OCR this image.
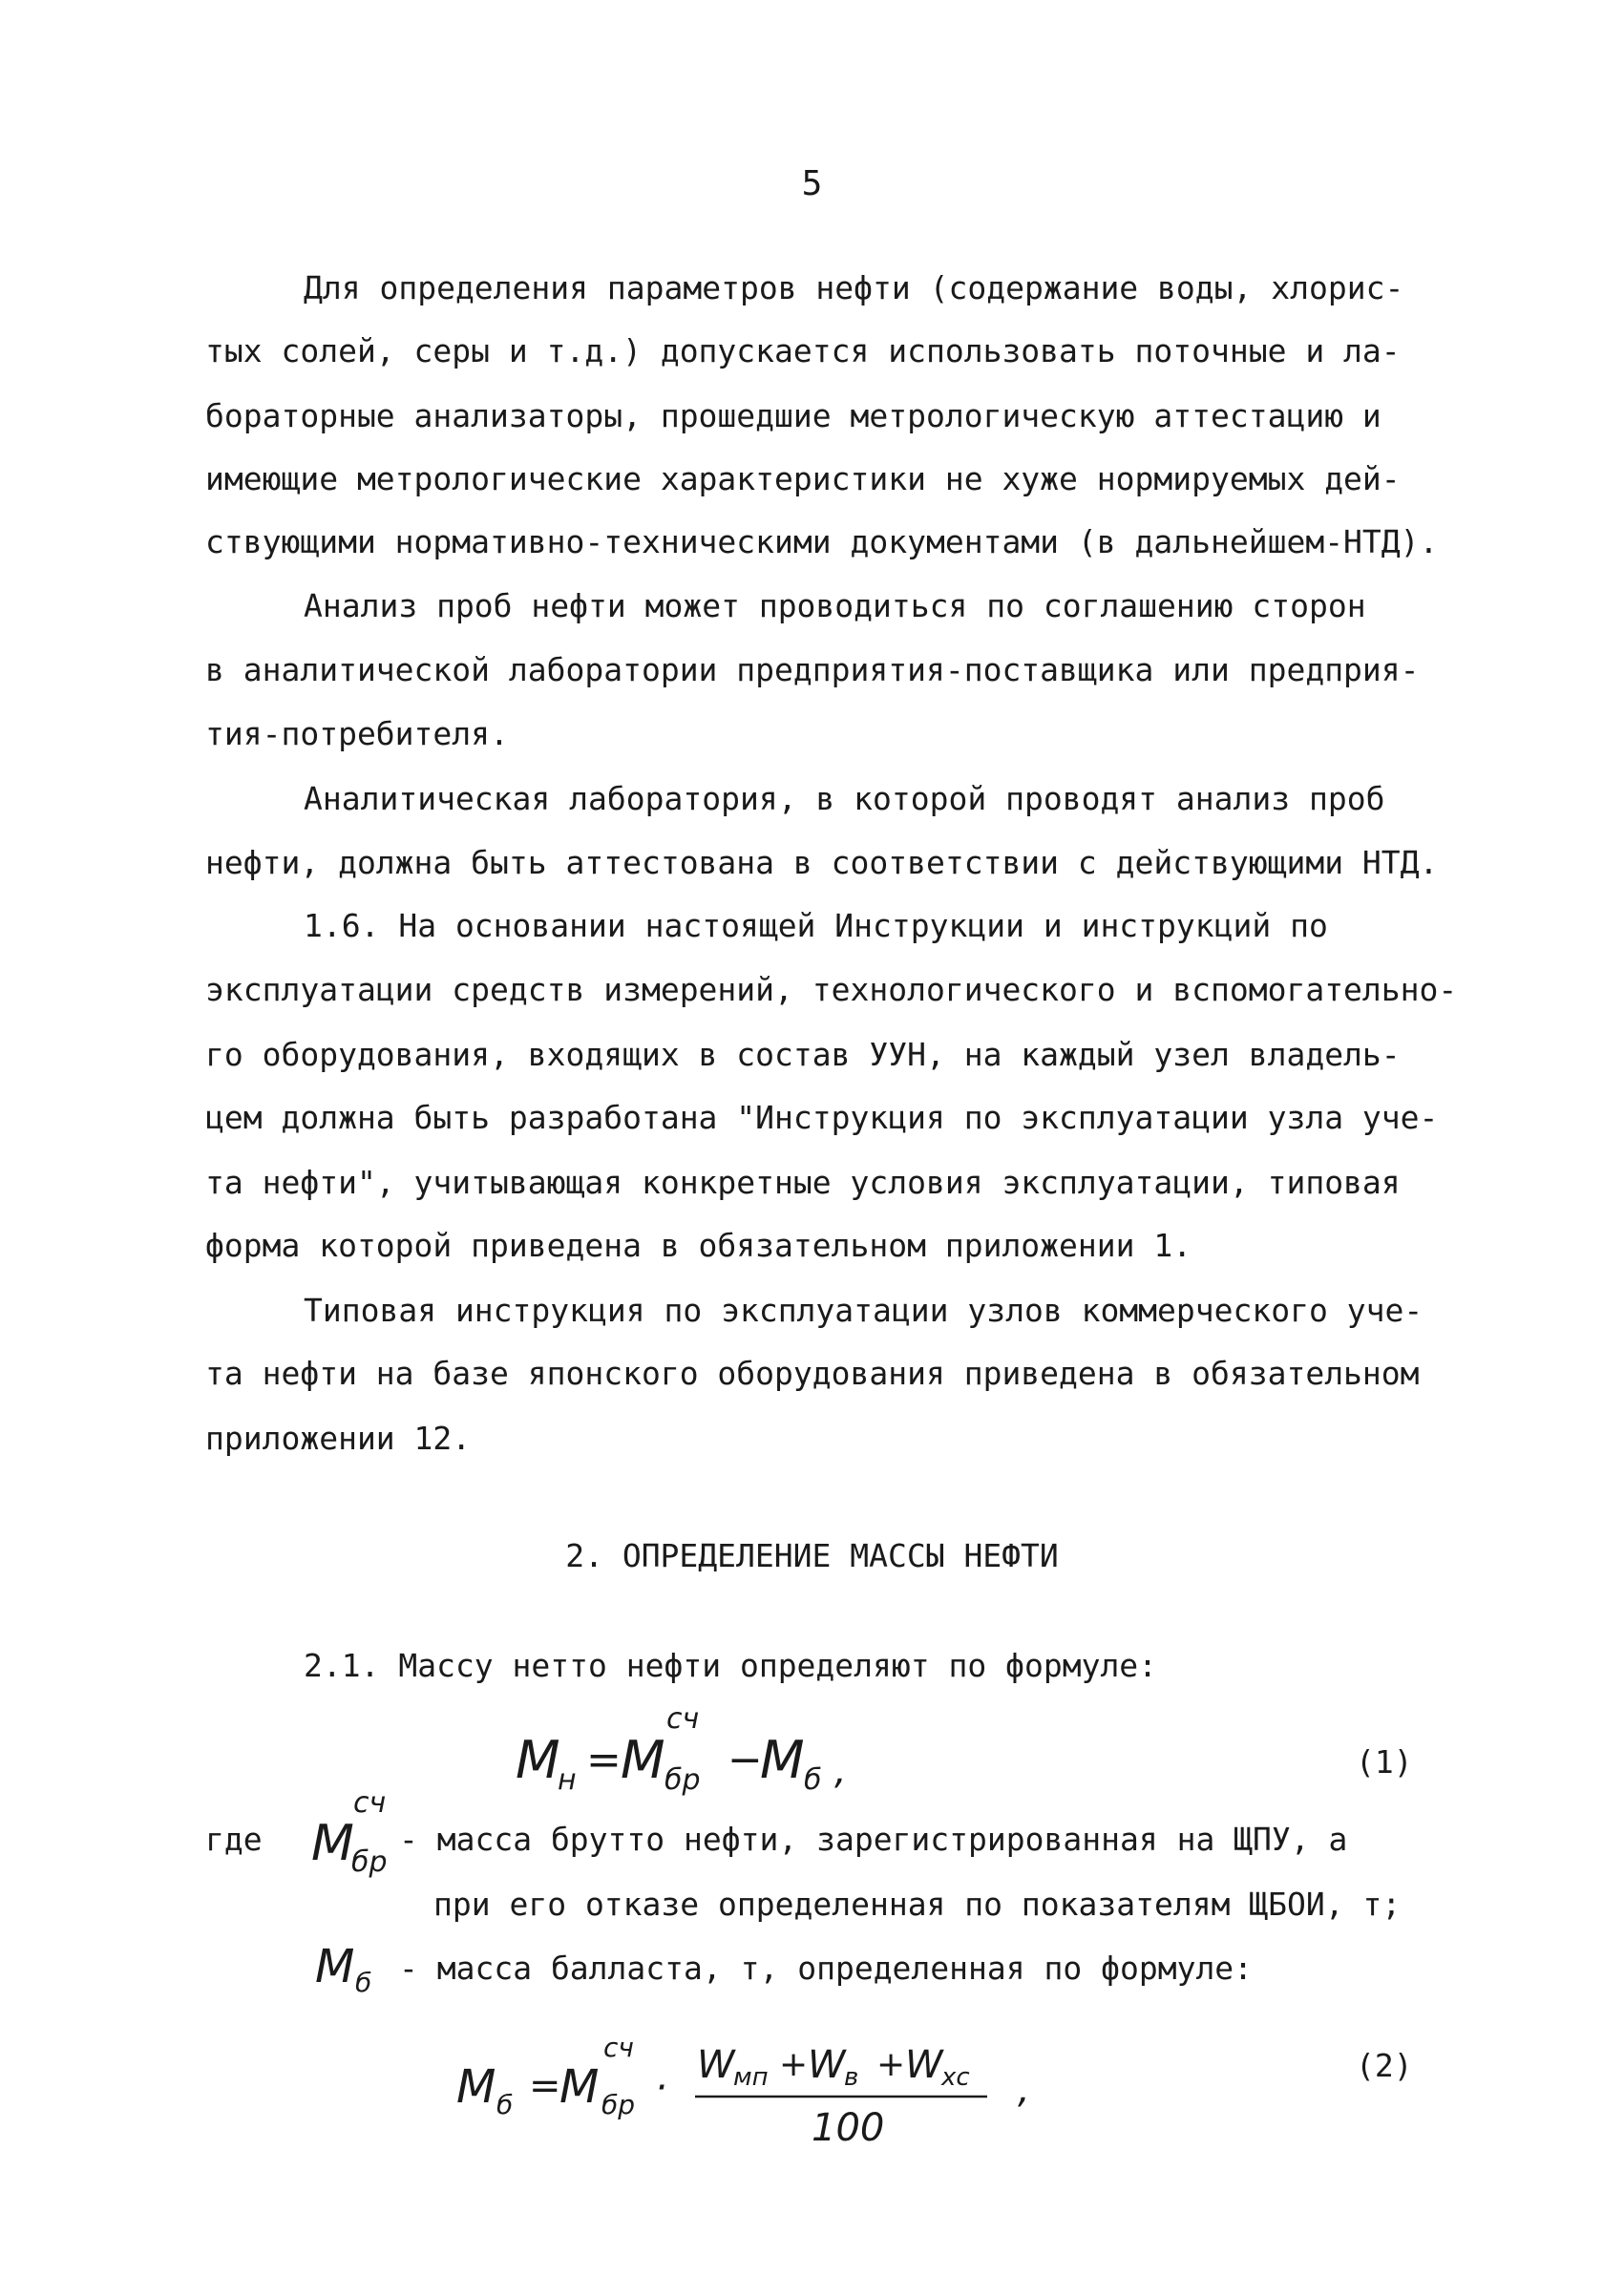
5
Для определения параметров нефти (содержание воды, хлорис-
тых солей, серы и т.д.) допускается использовать поточные и ла-
бораторные анализаторы, прошедшие метрологическую аттестацию и
имеющие метрологические характеристики не хуже нормируемых дей-
ствующими нормативно-техническими документами (в дальнейшем-НТД).
Анализ проб нефти может проводиться по соглашению сторон
в аналитической лаборатории предприятия-поставщика или предприя-
тия-потребителя.
Аналитическая лаборатория, в которой проводят анализ проб
нефти, должна быть аттестована в соответствии с действующими НТД.
1.6. На основании настоящей Инструкции и инструкций по
эксплуатации средств измерений, технологического и вспомогательно-
го оборудования, входящих в состав УУН, на каждый узел владель-
цем должна быть разработана "Инструкция по эксплуатации узла уче-
та нефти", учитывающая конкретные условия эксплуатации, типовая
форма которой приведена в обязательном приложении 1.
Типовая инструкция по эксплуатации узлов коммерческого уче-
та нефти на базе японского оборудования приведена в обязательном
приложении 12.
2. ОПРЕДЕЛЕНИЕ МАССЫ НЕФТИ
2.1. Массу нетто нефти определяют по формуле:
M
н = M
сч
бр −
M б ,	(1)
где M
сч
бр
- масса брутто нефти, зарегистрированная на ЩПУ, а
при его отказе определенная по показателям ЩБОИ, т;
M б - масса балласта, т, определенная по формуле:
M б =
M
сч
бр ·
W
мп + W
в + W
хс
100
,
(2)
